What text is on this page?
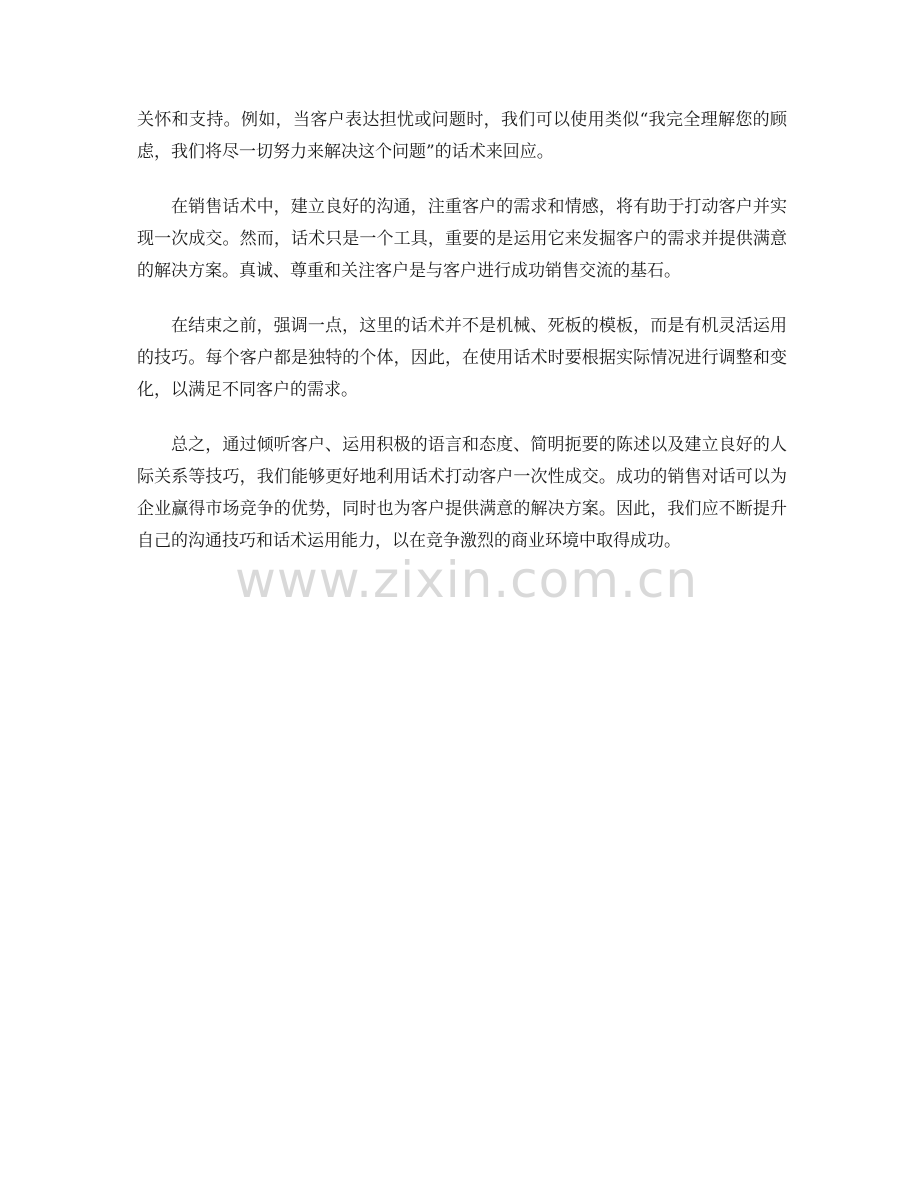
关怀和支持。例如，当客户表达担忧或问题时，我们可以使用类似“我完全理解您的顾虑，我们将尽一切努力来解决这个问题”的话术来回应。

在销售话术中，建立良好的沟通，注重客户的需求和情感，将有助于打动客户并实现一次成交。然而，话术只是一个工具，重要的是运用它来发掘客户的需求并提供满意的解决方案。真诚、尊重和关注客户是与客户进行成功销售交流的基石。

在结束之前，强调一点，这里的话术并不是机械、死板的模板，而是有机灵活运用的技巧。每个客户都是独特的个体，因此，在使用话术时要根据实际情况进行调整和变化，以满足不同客户的需求。

总之，通过倾听客户、运用积极的语言和态度、简明扼要的陈述以及建立良好的人际关系等技巧，我们能够更好地利用话术打动客户一次性成交。成功的销售对话可以为企业赢得市场竞争的优势，同时也为客户提供满意的解决方案。因此，我们应不断提升自己的沟通技巧和话术运用能力，以在竞争激烈的商业环境中取得成功。

www.zixin.com.cn
